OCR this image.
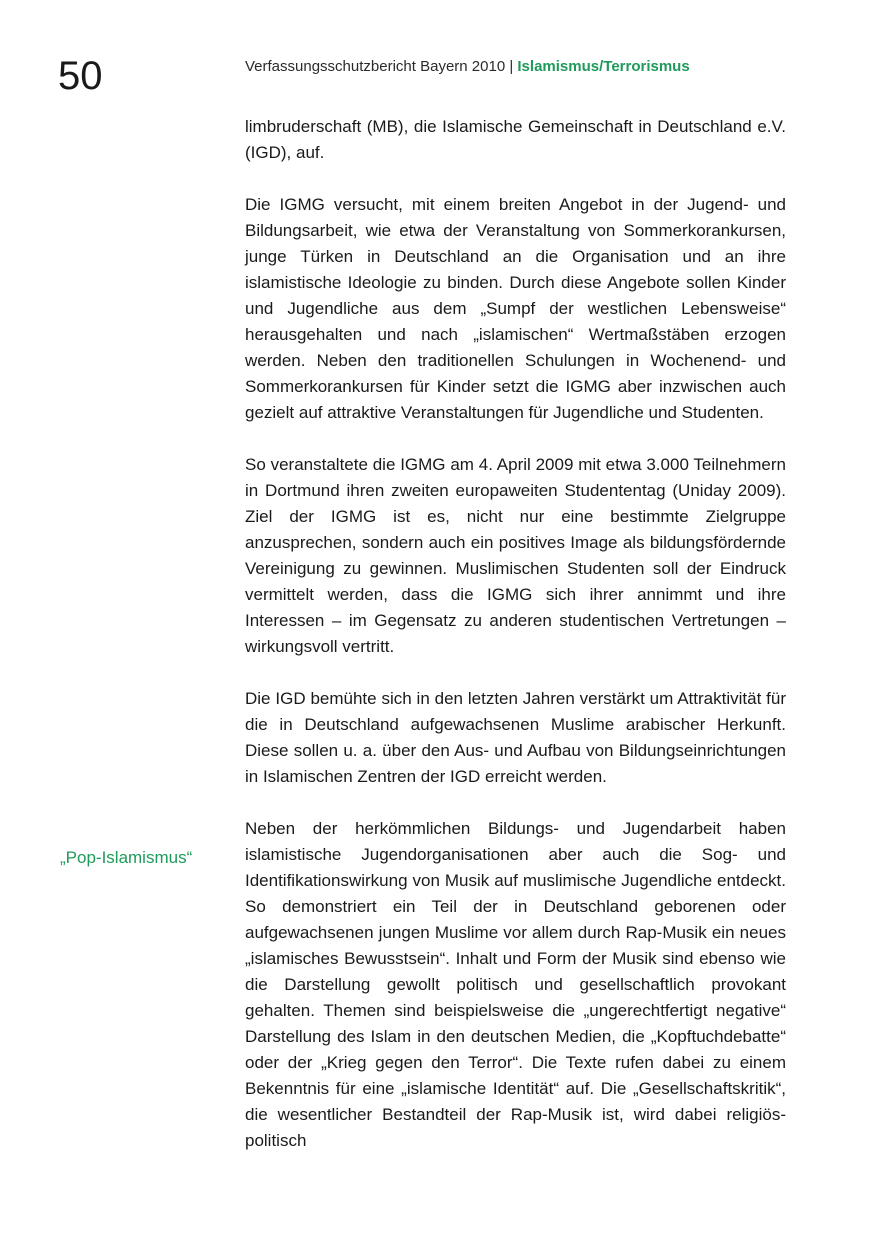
50	Verfassungsschutzbericht Bayern 2010 | Islamismus/Terrorismus
„Pop-Islamismus“

limbruderschaft (MB), die Islamische Gemeinschaft in Deutschland e.V. (IGD), auf.

Die IGMG versucht, mit einem breiten Angebot in der Jugend- und Bildungsarbeit, wie etwa der Veranstaltung von Sommerkorankursen, junge Türken in Deutschland an die Organisation und an ihre islamistische Ideologie zu binden. Durch diese Angebote sollen Kinder und Jugendliche aus dem „Sumpf der westlichen Lebensweise“ herausgehalten und nach „islamischen“ Wertmaßstäben erzogen werden. Neben den traditionellen Schulungen in Wochenend- und Sommerkorankursen für Kinder setzt die IGMG aber inzwischen auch gezielt auf attraktive Veranstaltungen für Jugendliche und Studenten.

So veranstaltete die IGMG am 4. April 2009 mit etwa 3.000 Teilnehmern in Dortmund ihren zweiten europaweiten Studententag (Uniday 2009). Ziel der IGMG ist es, nicht nur eine bestimmte Zielgruppe anzusprechen, sondern auch ein positives Image als bildungsfördernde Vereinigung zu gewinnen. Muslimischen Studenten soll der Eindruck vermittelt werden, dass die IGMG sich ihrer annimmt und ihre Interessen – im Gegensatz zu anderen studentischen Vertretungen – wirkungsvoll vertritt.

Die IGD bemühte sich in den letzten Jahren verstärkt um Attraktivität für die in Deutschland aufgewachsenen Muslime arabischer Herkunft. Diese sollen u. a. über den Aus- und Aufbau von Bildungseinrichtungen in Islamischen Zentren der IGD erreicht werden.

Neben der herkömmlichen Bildungs- und Jugendarbeit haben islamistische Jugendorganisationen aber auch die Sog- und Identifikationswirkung von Musik auf muslimische Jugendliche entdeckt. So demonstriert ein Teil der in Deutschland geborenen oder aufgewachsenen jungen Muslime vor allem durch Rap-Musik ein neues „islamisches Bewusstsein“. Inhalt und Form der Musik sind ebenso wie die Darstellung gewollt politisch und gesellschaftlich provokant gehalten. Themen sind beispielsweise die „ungerechtfertigt negative“ Darstellung des Islam in den deutschen Medien, die „Kopftuchdebatte“ oder der „Krieg gegen den Terror“. Die Texte rufen dabei zu einem Bekenntnis für eine „islamische Identität“ auf. Die „Gesellschaftskritik“, die wesentlicher Bestandteil der Rap-Musik ist, wird dabei religiös-politisch
